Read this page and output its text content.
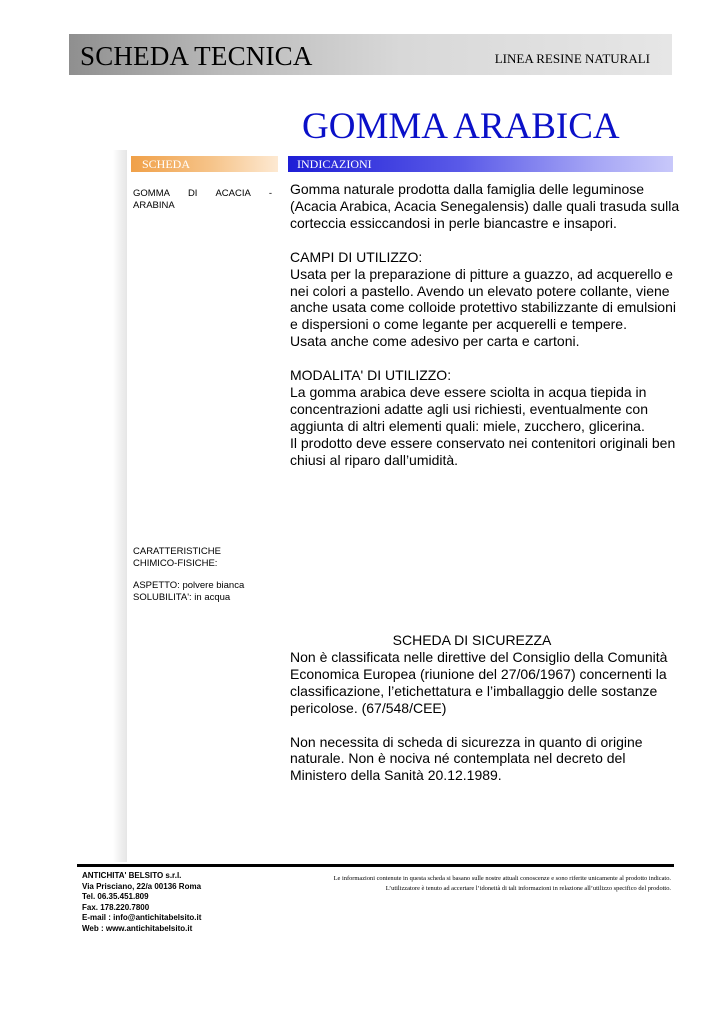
SCHEDA TECNICA	LINEA RESINE NATURALI
GOMMA ARABICA
SCHEDA	INDICAZIONI
GOMMA DI ACACIA - ARABINA
CARATTERISTICHE
CHIMICO-FISICHE:
ASPETTO: polvere bianca
SOLUBILITA': in acqua

Gomma naturale prodotta dalla famiglia delle leguminose (Acacia Arabica, Acacia Senegalensis) dalle quali trasuda sulla corteccia essiccandosi in perle biancastre e insapori.

CAMPI DI UTILIZZO:

Usata per la preparazione di pitture a guazzo, ad acquerello e nei colori a pastello. Avendo un elevato potere collante, viene anche usata come colloide protettivo stabilizzante di emulsioni e dispersioni o come legante per acquerelli e tempere.

Usata anche come adesivo per carta e cartoni.

MODALITA' DI UTILIZZO:

La gomma arabica deve essere sciolta in acqua tiepida in concentrazioni adatte agli usi richiesti, eventualmente con aggiunta di altri elementi quali: miele, zucchero, glicerina.

Il prodotto deve essere conservato nei contenitori originali ben chiusi al riparo dall’umidità.

SCHEDA DI SICUREZZA

Non è classificata nelle direttive del Consiglio della Comunità Economica Europea (riunione del 27/06/1967) concernenti la classificazione, l’etichettatura e l’imballaggio delle sostanze pericolose. (67/548/CEE)

Non necessita di scheda di sicurezza in quanto di origine naturale. Non è nociva né contemplata nel decreto del Ministero della Sanità 20.12.1989.

ANTICHITA' BELSITO s.r.l.
Via Prisciano, 22/a 00136 Roma
Tel. 06.35.451.809
Fax. 178.220.7800
E-mail : info@antichitabelsito.it
Web : www.antichitabelsito.it
Le informazioni contenute in questa scheda si basano sulle nostre attuali conoscenze e sono riferite unicamente al prodotto indicato.
L’utilizzatore è tenuto ad accertare l’idoneità di tali informazioni in relazione all’utilizzo specifico del prodotto.
